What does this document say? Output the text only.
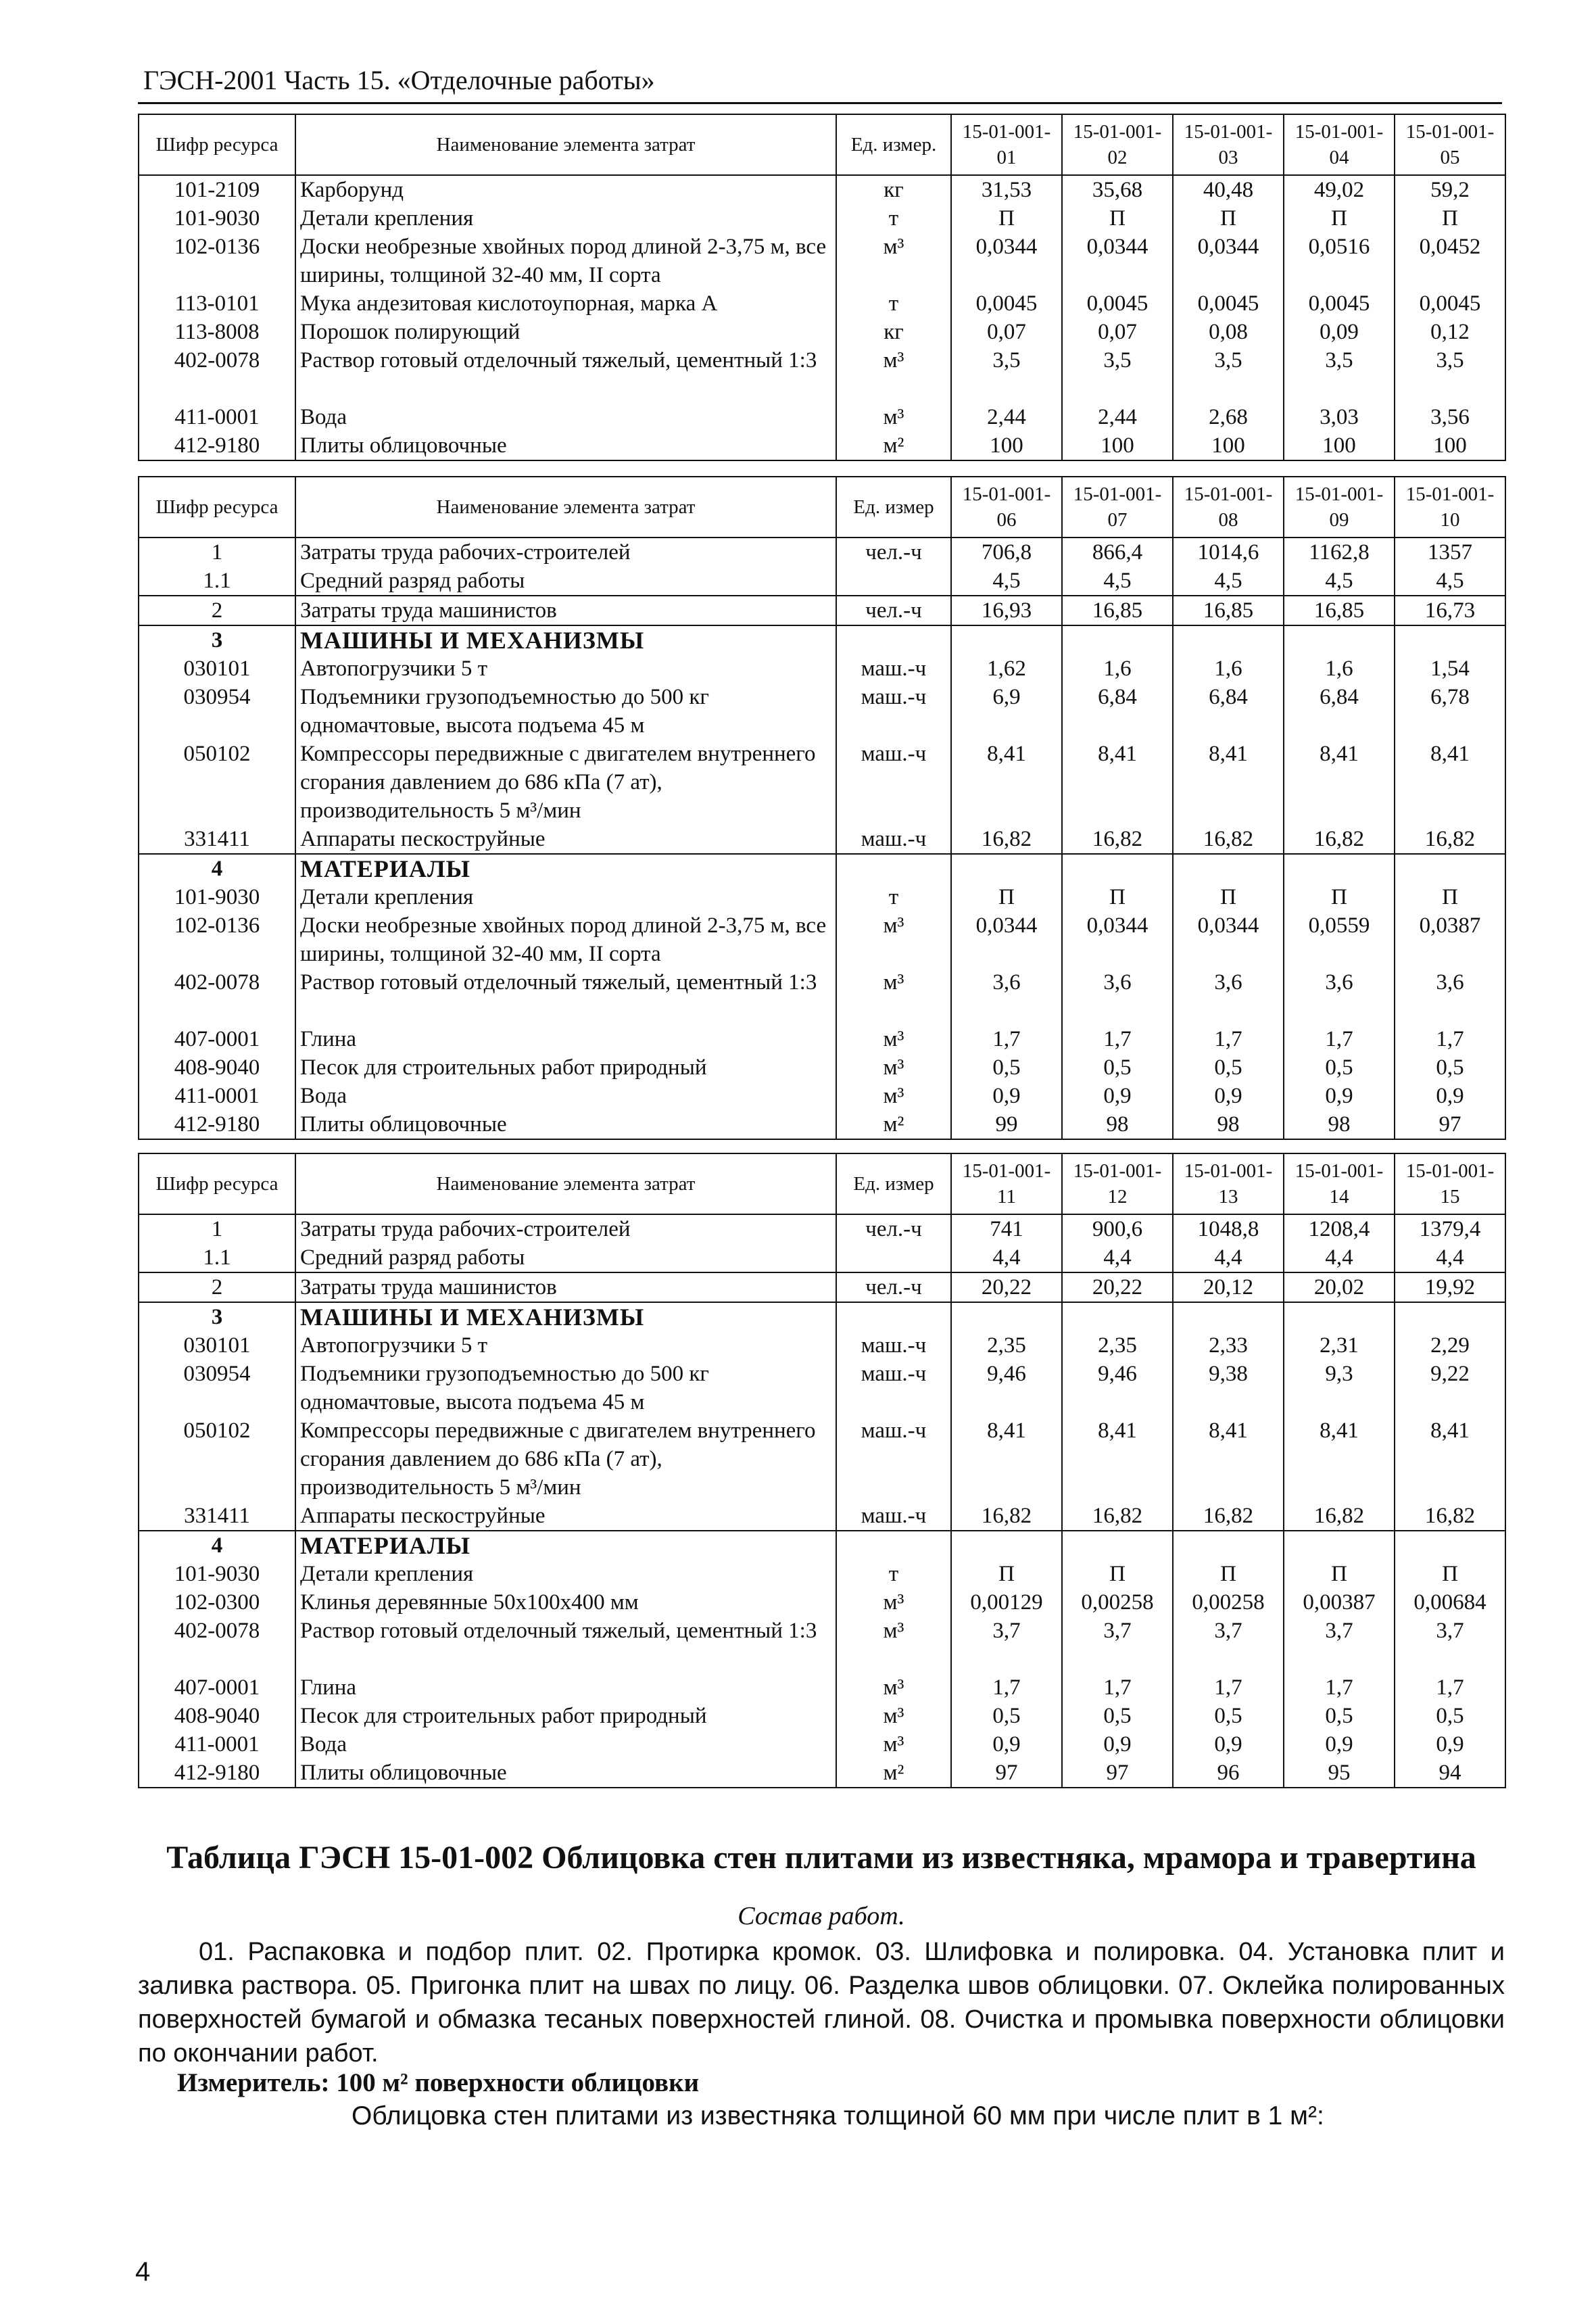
ГЭСН-2001 Часть 15. «Отделочные работы»
Шифр ресурса	Наименование элемента затрат	Ед. измер.	15-01-001-01	15-01-001-02	15-01-001-03	15-01-001-04	15-01-001-05
101-2109	Карборунд	кг	31,53	35,68	40,48	49,02	59,2
101-9030	Детали крепления	т	П	П	П	П	П
102-0136	Доски необрезные хвойных пород длиной 2-3,75 м, все ширины, толщиной 32-40 мм, II сорта	м³	0,0344	0,0344	0,0344	0,0516	0,0452
113-0101	Мука андезитовая кислотоупорная, марка А	т	0,0045	0,0045	0,0045	0,0045	0,0045
113-8008	Порошок полирующий	кг	0,07	0,07	0,08	0,09	0,12
402-0078	Раствор готовый отделочный тяжелый, цементный 1:3	м³	3,5	3,5	3,5	3,5	3,5
411-0001	Вода	м³	2,44	2,44	2,68	3,03	3,56
412-9180	Плиты облицовочные	м²	100	100	100	100	100
Шифр ресурса	Наименование элемента затрат	Ед. измер	15-01-001-06	15-01-001-07	15-01-001-08	15-01-001-09	15-01-001-10
1	Затраты труда рабочих-строителей	чел.-ч	706,8	866,4	1014,6	1162,8	1357
1.1	Средний разряд работы		4,5	4,5	4,5	4,5	4,5
2	Затраты труда машинистов	чел.-ч	16,93	16,85	16,85	16,85	16,73
3	МАШИНЫ И МЕХАНИЗМЫ						
030101	Автопогрузчики 5 т	маш.-ч	1,62	1,6	1,6	1,6	1,54
030954	Подъемники грузоподъемностью до 500 кг одномачтовые, высота подъема 45 м	маш.-ч	6,9	6,84	6,84	6,84	6,78
050102	Компрессоры передвижные с двигателем внутреннего сгорания давлением до 686 кПа (7 ат), производительность 5 м³/мин	маш.-ч	8,41	8,41	8,41	8,41	8,41
331411	Аппараты пескоструйные	маш.-ч	16,82	16,82	16,82	16,82	16,82
4	МАТЕРИАЛЫ						
101-9030	Детали крепления	т	П	П	П	П	П
102-0136	Доски необрезные хвойных пород длиной 2-3,75 м, все ширины, толщиной 32-40 мм, II сорта	м³	0,0344	0,0344	0,0344	0,0559	0,0387
402-0078	Раствор готовый отделочный тяжелый, цементный 1:3	м³	3,6	3,6	3,6	3,6	3,6
407-0001	Глина	м³	1,7	1,7	1,7	1,7	1,7
408-9040	Песок для строительных работ природный	м³	0,5	0,5	0,5	0,5	0,5
411-0001	Вода	м³	0,9	0,9	0,9	0,9	0,9
412-9180	Плиты облицовочные	м²	99	98	98	98	97
Шифр ресурса	Наименование элемента затрат	Ед. измер	15-01-001-11	15-01-001-12	15-01-001-13	15-01-001-14	15-01-001-15
1	Затраты труда рабочих-строителей	чел.-ч	741	900,6	1048,8	1208,4	1379,4
1.1	Средний разряд работы		4,4	4,4	4,4	4,4	4,4
2	Затраты труда машинистов	чел.-ч	20,22	20,22	20,12	20,02	19,92
3	МАШИНЫ И МЕХАНИЗМЫ						
030101	Автопогрузчики 5 т	маш.-ч	2,35	2,35	2,33	2,31	2,29
030954	Подъемники грузоподъемностью до 500 кг одномачтовые, высота подъема 45 м	маш.-ч	9,46	9,46	9,38	9,3	9,22
050102	Компрессоры передвижные с двигателем внутреннего сгорания давлением до 686 кПа (7 ат), производительность 5 м³/мин	маш.-ч	8,41	8,41	8,41	8,41	8,41
331411	Аппараты пескоструйные	маш.-ч	16,82	16,82	16,82	16,82	16,82
4	МАТЕРИАЛЫ						
101-9030	Детали крепления	т	П	П	П	П	П
102-0300	Клинья деревянные 50х100х400 мм	м³	0,00129	0,00258	0,00258	0,00387	0,00684
402-0078	Раствор готовый отделочный тяжелый, цементный 1:3	м³	3,7	3,7	3,7	3,7	3,7
407-0001	Глина	м³	1,7	1,7	1,7	1,7	1,7
408-9040	Песок для строительных работ природный	м³	0,5	0,5	0,5	0,5	0,5
411-0001	Вода	м³	0,9	0,9	0,9	0,9	0,9
412-9180	Плиты облицовочные	м²	97	97	96	95	94
Таблица ГЭСН 15-01-002 Облицовка стен плитами из известняка, мрамора и травертина
Состав работ.
01. Распаковка и подбор плит. 02. Протирка кромок. 03. Шлифовка и полировка. 04. Установка плит и заливка раствора. 05. Пригонка плит на швах по лицу. 06. Разделка швов облицовки. 07. Оклейка полированных поверхностей бумагой и обмазка тесаных поверхностей глиной. 08. Очистка и промывка поверхности облицовки по окончании работ.
Измеритель: 100 м² поверхности облицовки
Облицовка стен плитами из известняка толщиной 60 мм при числе плит в 1 м²:
4
